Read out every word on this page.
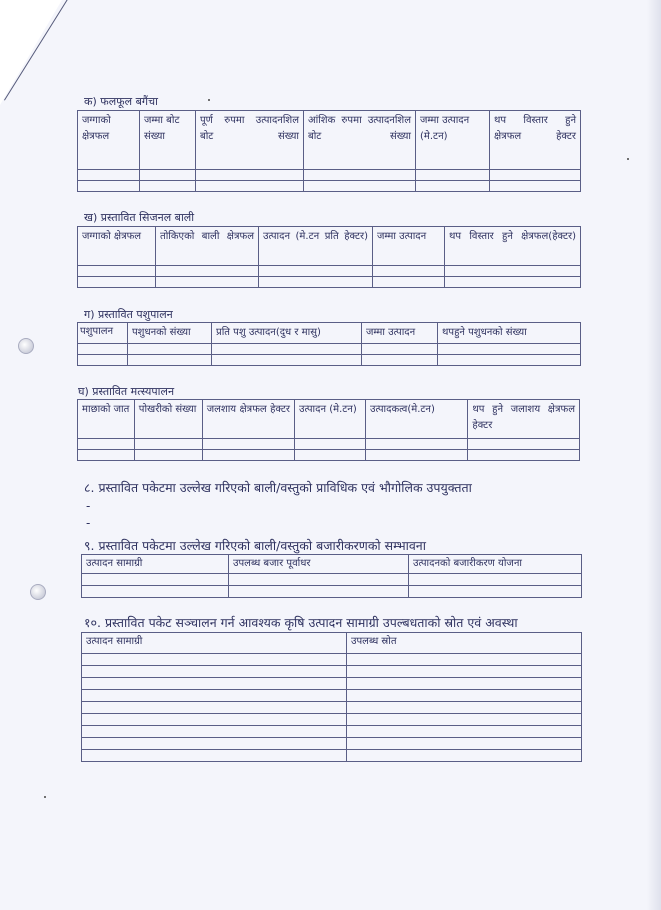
क) फलफूल बगैंचा
जग्गाको क्षेत्रफल	जम्मा बोट संख्या	पूर्ण रुपमा उत्पादनशिल बोट संख्या	आंशिक रुपमा उत्पादनशिल बोट संख्या	जम्मा उत्पादन (मे.टन)	थप विस्तार हुने क्षेत्रफल हेक्टर

ख) प्रस्तावित सिजनल बाली
जग्गाको क्षेत्रफल	तोकिएको बाली क्षेत्रफल	उत्पादन (मे.टन प्रति हेक्टर)	जम्मा उत्पादन	थप विस्तार हुने क्षेत्रफल(हेक्टर)

ग) प्रस्तावित पशुपालन
पशुपालन	पशुधनको संख्या	प्रति पशु उत्पादन(दुध र मासु)	जम्मा उत्पादन	थपहुने पशुधनको संख्या

घ) प्रस्तावित मत्स्यपालन
माछाको जात	पोखरीको संख्या	जलशाय क्षेत्रफल हेक्टर	उत्पादन (मे.टन)	उत्पादकत्व(मे.टन)	थप हुने जलाशय क्षेत्रफल हेक्टर

८. प्रस्तावित पकेटमा उल्लेख गरिएको बाली/वस्तुको प्राविधिक एवं भौगोलिक उपयुक्तता
-
-
९. प्रस्तावित पकेटमा उल्लेख गरिएको बाली/वस्तुको बजारीकरणको सम्भावना
उत्पादन सामाग्री	उपलब्ध बजार पूर्वाधर	उत्पादनको बजारीकरण योजना

१०. प्रस्तावित पकेट सञ्चालन गर्न आवश्यक कृषि उत्पादन सामाग्री उपल्बधताको स्रोत एवं अवस्था
उत्पादन सामाग्री	उपलब्ध स्रोत
